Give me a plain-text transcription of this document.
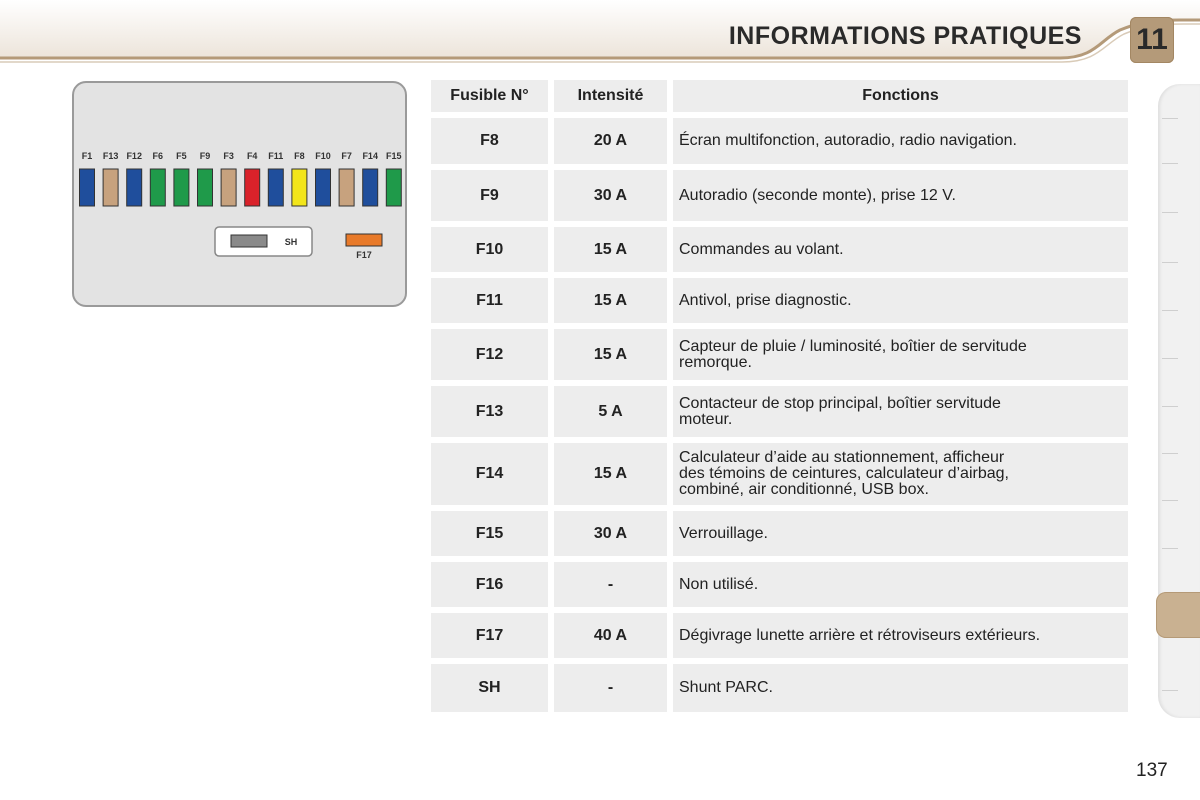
INFORMATIONS PRATIQUES 11
F1 F13 F12 F6 F5 F9 F3 F4 F11 F8 F10 F7 F14 F15
SH
F17
Fusible N°	Intensité	Fonctions
F8	20 A	Écran multifonction, autoradio, radio navigation.
F9	30 A	Autoradio (seconde monte), prise 12 V.
F10	15 A	Commandes au volant.
F11	15 A	Antivol, prise diagnostic.
F12	15 A	Capteur de pluie / luminosité, boîtier de servitude
remorque.
F13	5 A	Contacteur de stop principal, boîtier servitude
moteur.
F14	15 A	Calculateur d’aide au stationnement, afficheur
des témoins de ceintures, calculateur d’airbag,
combiné, air conditionné, USB box.
F15	30 A	Verrouillage.
F16	-	Non utilisé.
F17	40 A	Dégivrage lunette arrière et rétroviseurs extérieurs.
SH	-	Shunt PARC.
137
